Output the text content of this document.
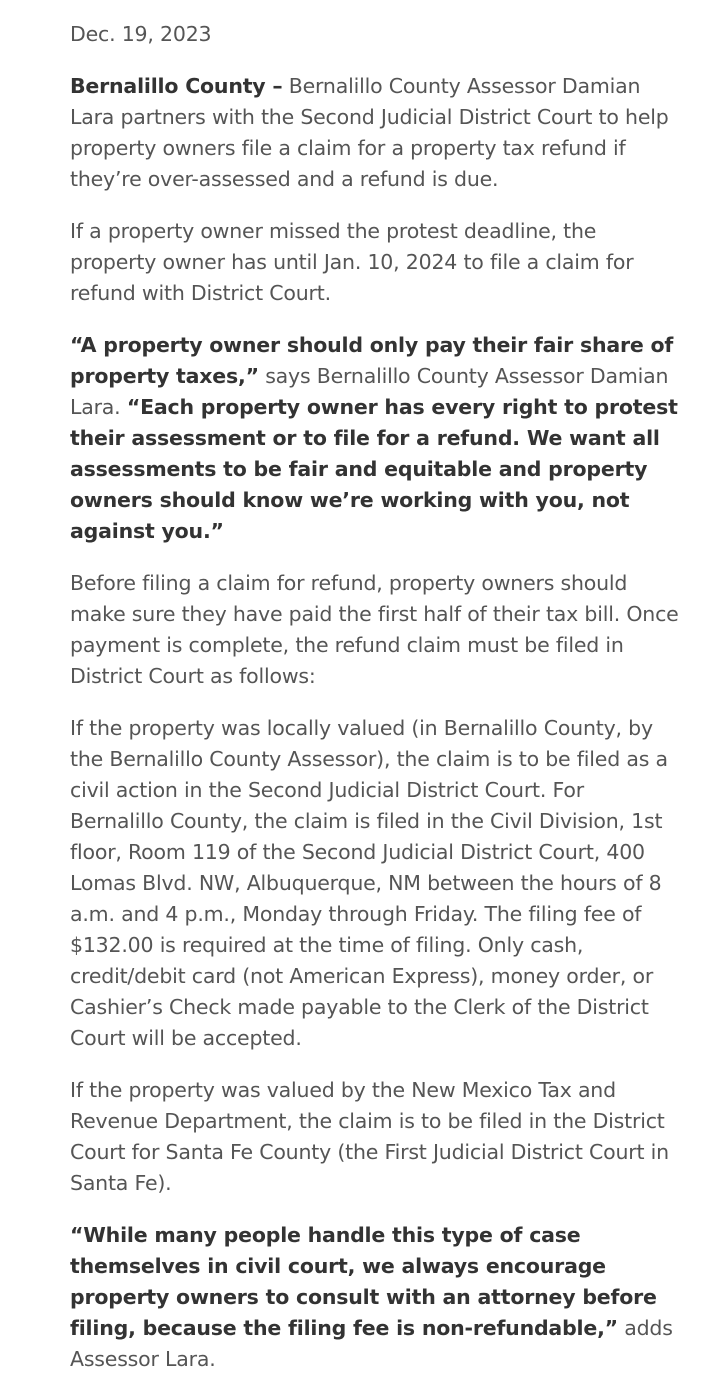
Dec. 19, 2023

Bernalillo County – Bernalillo County Assessor Damian Lara partners with the Second Judicial District Court to help property owners file a claim for a property tax refund if they’re over-assessed and a refund is due.

If a property owner missed the protest deadline, the property owner has until Jan. 10, 2024 to file a claim for refund with District Court.

“A property owner should only pay their fair share of property taxes,” says Bernalillo County Assessor Damian Lara. “Each property owner has every right to protest their assessment or to file for a refund. We want all assessments to be fair and equitable and property owners should know we’re working with you, not against you.”

Before filing a claim for refund, property owners should make sure they have paid the first half of their tax bill. Once payment is complete, the refund claim must be filed in District Court as follows:

If the property was locally valued (in Bernalillo County, by the Bernalillo County Assessor), the claim is to be filed as a civil action in the Second Judicial District Court. For Bernalillo County, the claim is filed in the Civil Division, 1st floor, Room 119 of the Second Judicial District Court, 400 Lomas Blvd. NW, Albuquerque, NM between the hours of 8 a.m. and 4 p.m., Monday through Friday. The filing fee of $132.00 is required at the time of filing. Only cash, credit/debit card (not American Express), money order, or Cashier’s Check made payable to the Clerk of the District Court will be accepted.

If the property was valued by the New Mexico Tax and Revenue Department, the claim is to be filed in the District Court for Santa Fe County (the First Judicial District Court in Santa Fe).

“While many people handle this type of case themselves in civil court, we always encourage property owners to consult with an attorney before filing, because the filing fee is non-refundable,” adds Assessor Lara.
